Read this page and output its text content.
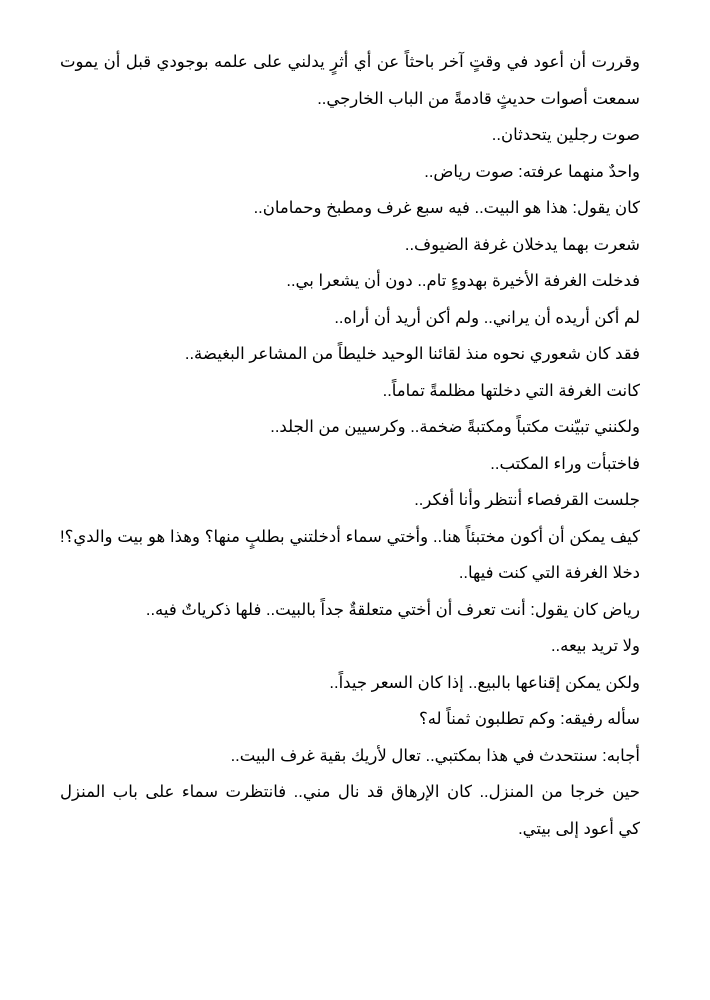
وقررت أن أعود في وقتٍ آخر باحثاً عن أي أثرٍ يدلني على علمه بوجودي قبل أن يموت
سمعت أصوات حديثٍ قادمةً من الباب الخارجي..
صوت رجلين يتحدثان..
واحدٌ منهما عرفته: صوت رياض..
كان يقول: هذا هو البيت.. فيه سبع غرف ومطبخ وحمامان..
شعرت بهما يدخلان غرفة الضيوف..
فدخلت الغرفة الأخيرة بهدوءٍ تام.. دون أن يشعرا بي..
لم أكن أريده أن يراني.. ولم أكن أريد أن أراه..
فقد كان شعوري نحوه منذ لقائنا الوحيد خليطاً من المشاعر البغيضة..
كانت الغرفة التي دخلتها مظلمةً تماماً..
ولكنني تبيّنت مكتباً ومكتبةً ضخمة.. وكرسيين من الجلد..
فاختبأت وراء المكتب..
جلست القرفصاء أنتظر وأنا أفكر..
كيف يمكن أن أكون مختبئاً هنا.. وأختي سماء أدخلتني بطلبٍ منها؟ وهذا هو بيت والدي؟!
دخلا الغرفة التي كنت فيها..
رياض كان يقول: أنت تعرف أن أختي متعلقةٌ جداً بالبيت.. فلها ذكرياتٌ فيه..
ولا تريد بيعه..
ولكن يمكن إقناعها بالبيع.. إذا كان السعر جيداً..
سأله رفيقه: وكم تطلبون ثمناً له؟
أجابه: سنتحدث في هذا بمكتبي.. تعال لأريك بقية غرف البيت..
حين خرجا من المنزل.. كان الإرهاق قد نال مني.. فانتظرت سماء على باب المنزل
كي أعود إلى بيتي.
